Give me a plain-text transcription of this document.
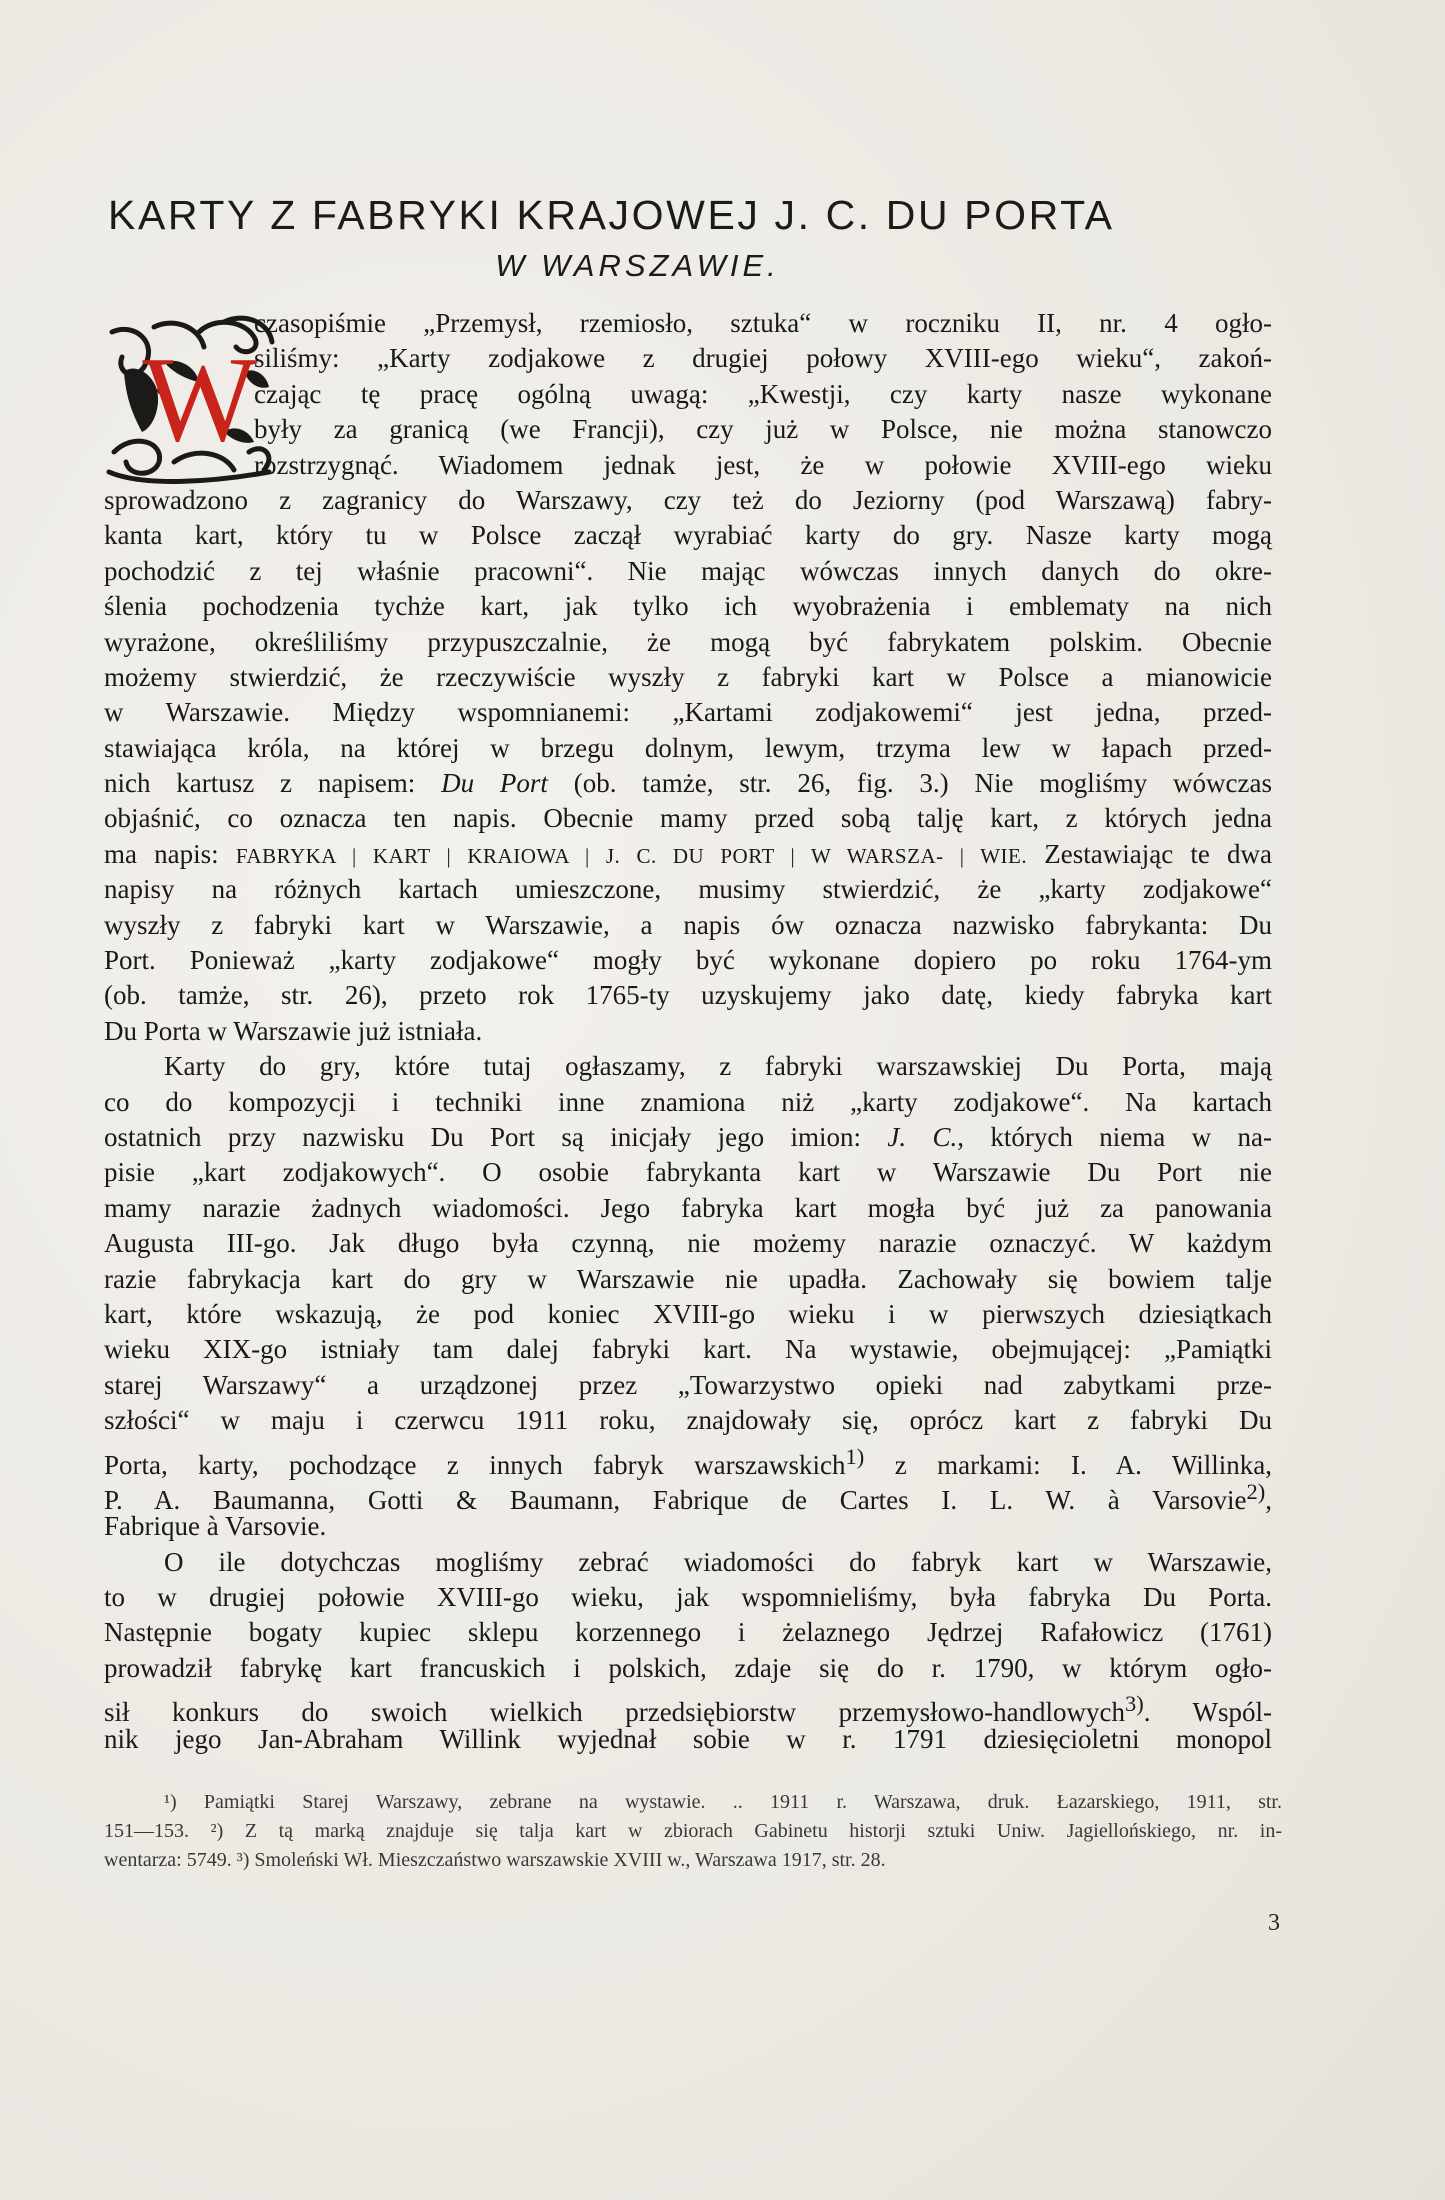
KARTY Z FABRYKI KRAJOWEJ J. C. DU PORTA
W WARSZAWIE.
W
czasopiśmie „Przemysł, rzemiosło, sztuka“ w roczniku II, nr. 4 ogło-
siliśmy: „Karty zodjakowe z drugiej połowy XVIII-ego wieku“, zakoń-
czając tę pracę ogólną uwagą: „Kwestji, czy karty nasze wykonane
były za granicą (we Francji), czy już w Polsce, nie można stanowczo
rozstrzygnąć. Wiadomem jednak jest, że w połowie XVIII-ego wieku
sprowadzono z zagranicy do Warszawy, czy też do Jeziorny (pod Warszawą) fabry-
kanta kart, który tu w Polsce zaczął wyrabiać karty do gry. Nasze karty mogą
pochodzić z tej właśnie pracowni“. Nie mając wówczas innych danych do okre-
ślenia pochodzenia tychże kart, jak tylko ich wyobrażenia i emblematy na nich
wyrażone, określiliśmy przypuszczalnie, że mogą być fabrykatem polskim. Obecnie
możemy stwierdzić, że rzeczywiście wyszły z fabryki kart w Polsce a mianowicie
w Warszawie. Między wspomnianemi: „Kartami zodjakowemi“ jest jedna, przed-
stawiająca króla, na której w brzegu dolnym, lewym, trzyma lew w łapach przed-
nich kartusz z napisem: Du Port (ob. tamże, str. 26, fig. 3.) Nie mogliśmy wówczas
objaśnić, co oznacza ten napis. Obecnie mamy przed sobą talję kart, z których jedna
ma napis: FABRYKA | KART | KRAIOWA | J. C. DU PORT | W WARSZA- | WIE. Zestawiając te dwa
napisy na różnych kartach umieszczone, musimy stwierdzić, że „karty zodjakowe“
wyszły z fabryki kart w Warszawie, a napis ów oznacza nazwisko fabrykanta: Du
Port. Ponieważ „karty zodjakowe“ mogły być wykonane dopiero po roku 1764-ym
(ob. tamże, str. 26), przeto rok 1765-ty uzyskujemy jako datę, kiedy fabryka kart
Du Porta w Warszawie już istniała.
Karty do gry, które tutaj ogłaszamy, z fabryki warszawskiej Du Porta, mają
co do kompozycji i techniki inne znamiona niż „karty zodjakowe“. Na kartach
ostatnich przy nazwisku Du Port są inicjały jego imion: J. C., których niema w na-
pisie „kart zodjakowych“. O osobie fabrykanta kart w Warszawie Du Port nie
mamy narazie żadnych wiadomości. Jego fabryka kart mogła być już za panowania
Augusta III-go. Jak długo była czynną, nie możemy narazie oznaczyć. W każdym
razie fabrykacja kart do gry w Warszawie nie upadła. Zachowały się bowiem talje
kart, które wskazują, że pod koniec XVIII-go wieku i w pierwszych dziesiątkach
wieku XIX-go istniały tam dalej fabryki kart. Na wystawie, obejmującej: „Pamiątki
starej Warszawy“ a urządzonej przez „Towarzystwo opieki nad zabytkami prze-
szłości“ w maju i czerwcu 1911 roku, znajdowały się, oprócz kart z fabryki Du
Porta, karty, pochodzące z innych fabryk warszawskich$^{1)}$ z markami: I. A. Willinka,
P. A. Baumanna, Gotti & Baumann, Fabrique de Cartes I. L. W. à Varsovie$^{2)}$,
Fabrique à Varsovie.
O ile dotychczas mogliśmy zebrać wiadomości do fabryk kart w Warszawie,
to w drugiej połowie XVIII-go wieku, jak wspomnieliśmy, była fabryka Du Porta.
Następnie bogaty kupiec sklepu korzennego i żelaznego Jędrzej Rafałowicz (1761)
prowadził fabrykę kart francuskich i polskich, zdaje się do r. 1790, w którym ogło-
sił konkurs do swoich wielkich przedsiębiorstw przemysłowo-handlowych$^{3)}$. Wspól-
nik jego Jan-Abraham Willink wyjednał sobie w r. 1791 dziesięcioletni monopol
¹) Pamiątki Starej Warszawy, zebrane na wystawie. .. 1911 r. Warszawa, druk. Łazarskiego, 1911, str.
151—153. ²) Z tą marką znajduje się talja kart w zbiorach Gabinetu historji sztuki Uniw. Jagiellońskiego, nr. in-
wentarza: 5749. ³) Smoleński Wł. Mieszczaństwo warszawskie XVIII w., Warszawa 1917, str. 28.
3
